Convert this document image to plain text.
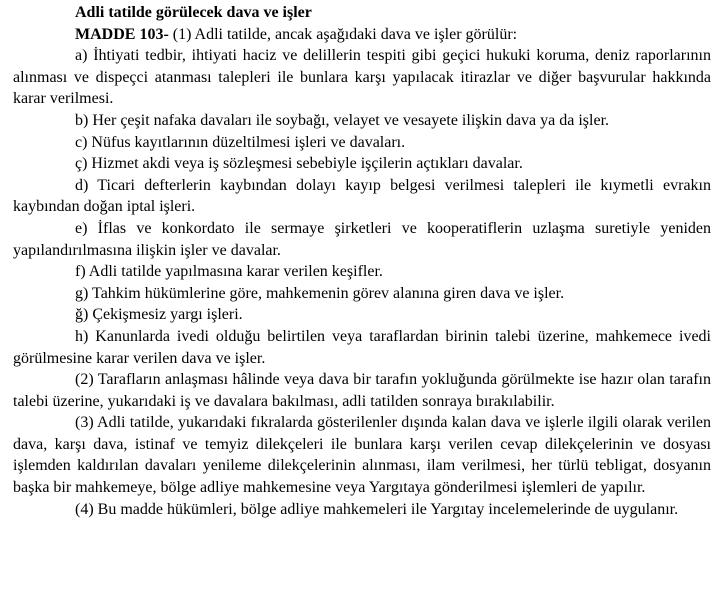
Adli tatilde görülecek dava ve işler

MADDE 103- (1) Adli tatilde, ancak aşağıdaki dava ve işler görülür:

a) İhtiyati tedbir, ihtiyati haciz ve delillerin tespiti gibi geçici hukuki koruma, deniz raporlarının alınması ve dispeçci atanması talepleri ile bunlara karşı yapılacak itirazlar ve diğer başvurular hakkında karar verilmesi.

b) Her çeşit nafaka davaları ile soybağı, velayet ve vesayete ilişkin dava ya da işler.

c) Nüfus kayıtlarının düzeltilmesi işleri ve davaları.

ç) Hizmet akdi veya iş sözleşmesi sebebiyle işçilerin açtıkları davalar.

d) Ticari defterlerin kaybından dolayı kayıp belgesi verilmesi talepleri ile kıymetli evrakın kaybından doğan iptal işleri.

e) İflas ve konkordato ile sermaye şirketleri ve kooperatiflerin uzlaşma suretiyle yeniden yapılandırılmasına ilişkin işler ve davalar.

f) Adli tatilde yapılmasına karar verilen keşifler.

g) Tahkim hükümlerine göre, mahkemenin görev alanına giren dava ve işler.

ğ) Çekişmesiz yargı işleri.

h) Kanunlarda ivedi olduğu belirtilen veya taraflardan birinin talebi üzerine, mahkemece ivedi görülmesine karar verilen dava ve işler.

(2) Tarafların anlaşması hâlinde veya dava bir tarafın yokluğunda görülmekte ise hazır olan tarafın talebi üzerine, yukarıdaki iş ve davalara bakılması, adli tatilden sonraya bırakılabilir.

(3) Adli tatilde, yukarıdaki fıkralarda gösterilenler dışında kalan dava ve işlerle ilgili olarak verilen dava, karşı dava, istinaf ve temyiz dilekçeleri ile bunlara karşı verilen cevap dilekçelerinin ve dosyası işlemden kaldırılan davaları yenileme dilekçelerinin alınması, ilam verilmesi, her türlü tebligat, dosyanın başka bir mahkemeye, bölge adliye mahkemesine veya Yargıtaya gönderilmesi işlemleri de yapılır.

(4) Bu madde hükümleri, bölge adliye mahkemeleri ile Yargıtay incelemelerinde de uygulanır.
